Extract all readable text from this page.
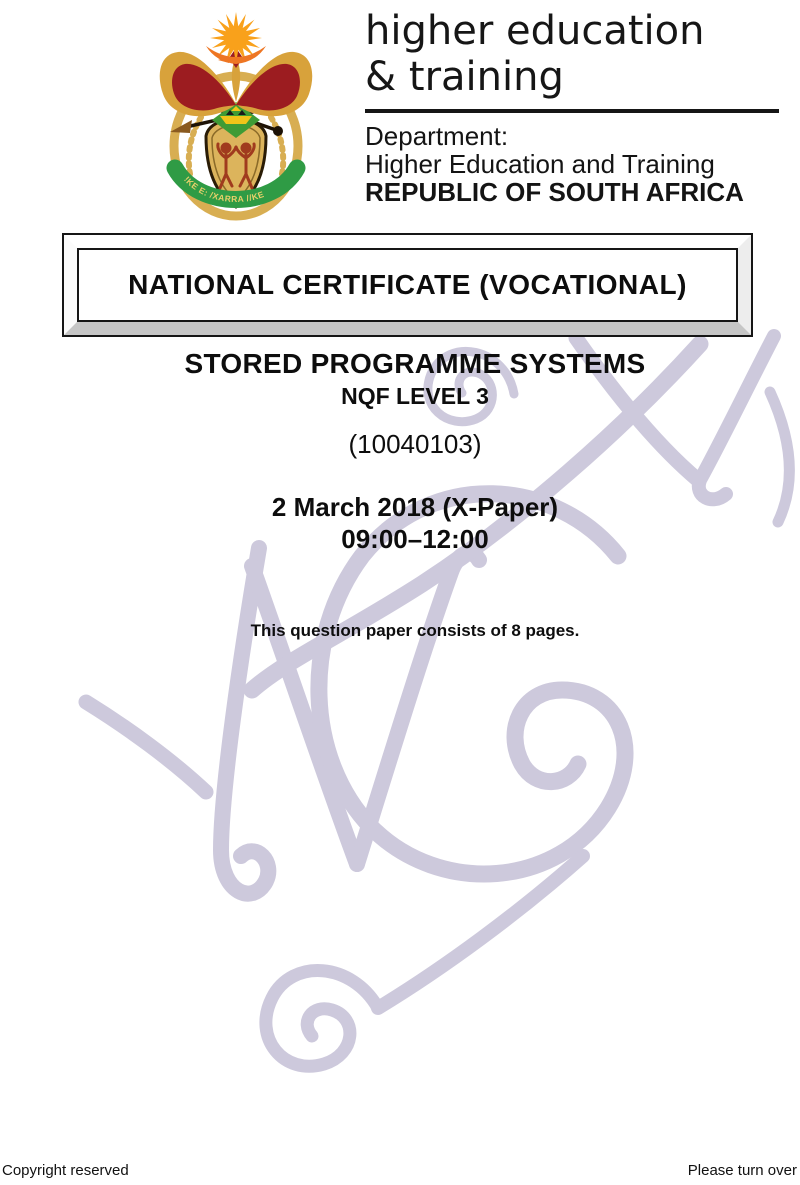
!KE E: /XARRA //KE
higher education
& training
Department:
Higher Education and Training
REPUBLIC OF SOUTH AFRICA
NATIONAL CERTIFICATE (VOCATIONAL)
STORED PROGRAMME SYSTEMS
NQF LEVEL 3
(10040103)
2 March 2018 (X-Paper)
09:00–12:00
This question paper consists of 8 pages.
Copyright reserved	Please turn over
